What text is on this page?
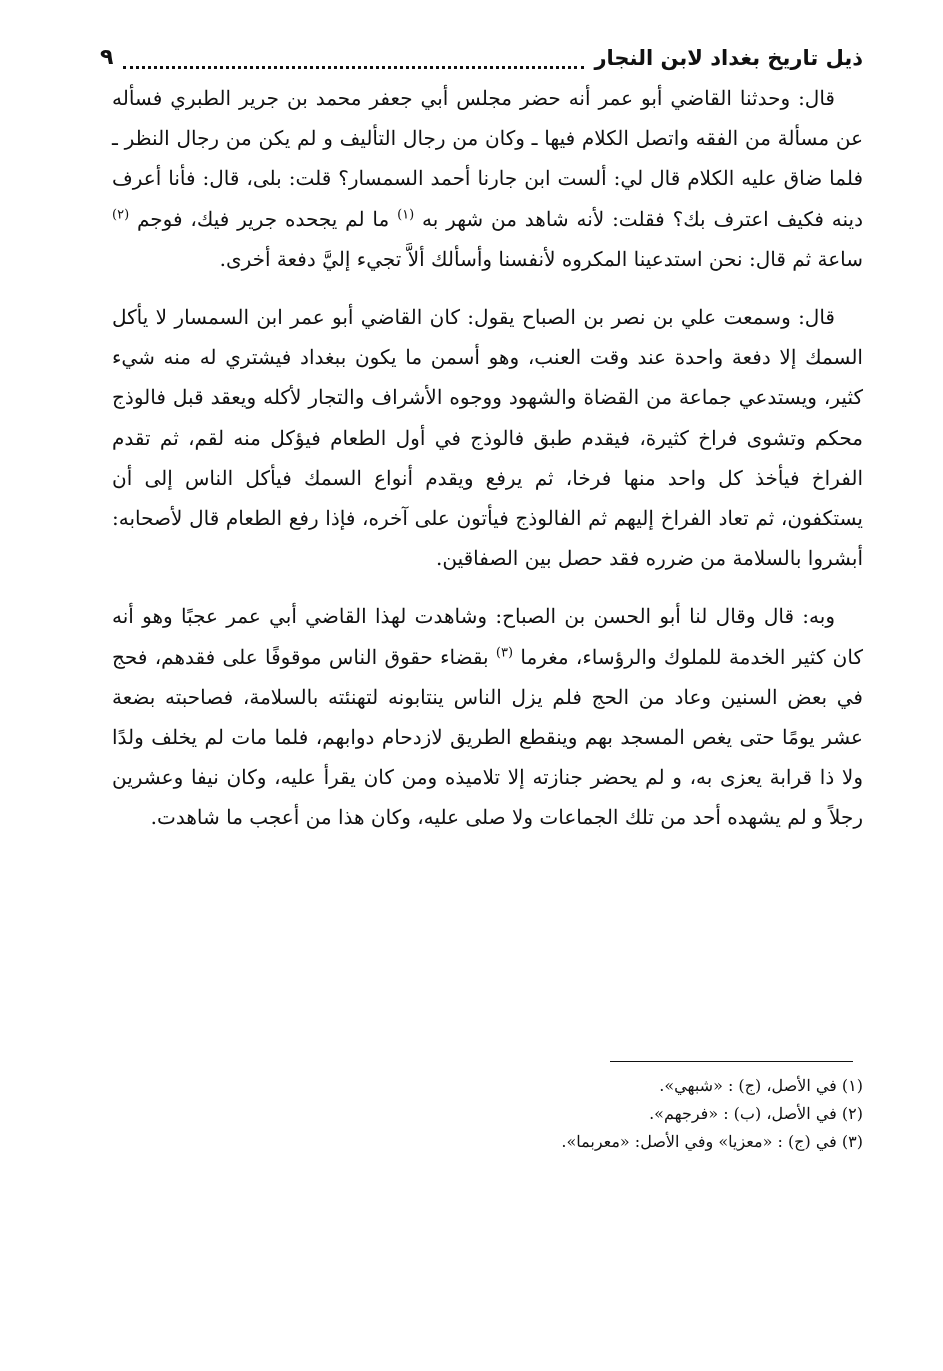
ذيل تاريخ بغداد لابن النجار
٩

قال: وحدثنا القاضي أبو عمر أنه حضر مجلس أبي جعفر محمد بن جرير الطبري فسأله عن مسألة من الفقه واتصل الكلام فيها ـ وكان من رجال التأليف و لم يكن من رجال النظر ـ فلما ضاق عليه الكلام قال لي: ألست ابن جارنا أحمد السمسار؟ قلت: بلى، قال: فأنا أعرف دينه فكيف اعترف بك؟ فقلت: لأنه شاهد من شهر به $^{(١)}$ ما لم يجحده جرير فيك، فوجم $^{(٢)}$ ساعة ثم قال: نحن استدعينا المكروه لأنفسنا وأسألك ألاَّ تجيء إليَّ دفعة أخرى.

قال: وسمعت علي بن نصر بن الصباح يقول: كان القاضي أبو عمر ابن السمسار لا يأكل السمك إلا دفعة واحدة عند وقت العنب، وهو أسمن ما يكون ببغداد فيشتري له منه شيء كثير، ويستدعي جماعة من القضاة والشهود ووجوه الأشراف والتجار لأكله ويعقد قبل فالوذج محكم وتشوى فراخ كثيرة، فيقدم طبق فالوذج في أول الطعام فيؤكل منه لقم، ثم تقدم الفراخ فيأخذ كل واحد منها فرخا، ثم يرفع ويقدم أنواع السمك فيأكل الناس إلى أن يستكفون، ثم تعاد الفراخ إليهم ثم الفالوذج فيأتون على آخره، فإذا رفع الطعام قال لأصحابه: أبشروا بالسلامة من ضرره فقد حصل بين الصفاقين.

وبه: قال وقال لنا أبو الحسن بن الصباح: وشاهدت لهذا القاضي أبي عمر عجبًا وهو أنه كان كثير الخدمة للملوك والرؤساء، مغرما $^{(٣)}$ بقضاء حقوق الناس موقوفًا على فقدهم، فحج في بعض السنين وعاد من الحج فلم يزل الناس ينتابونه لتهنئته بالسلامة، فصاحبته بضعة عشر يومًا حتى يغص المسجد بهم وينقطع الطريق لازدحام دوابهم، فلما مات لم يخلف ولدًا ولا ذا قرابة يعزى به، و لم يحضر جنازته إلا تلاميذه ومن كان يقرأ عليه، وكان نيفا وعشرين رجلاً و لم يشهده أحد من تلك الجماعات ولا صلى عليه، وكان هذا من أعجب ما شاهدت.

(١) في الأصل، (ج) : «شبهي».

(٢) في الأصل، (ب) : «فرجهم».

(٣) في (ج) : «معزيا» وفي الأصل: «معربما».
